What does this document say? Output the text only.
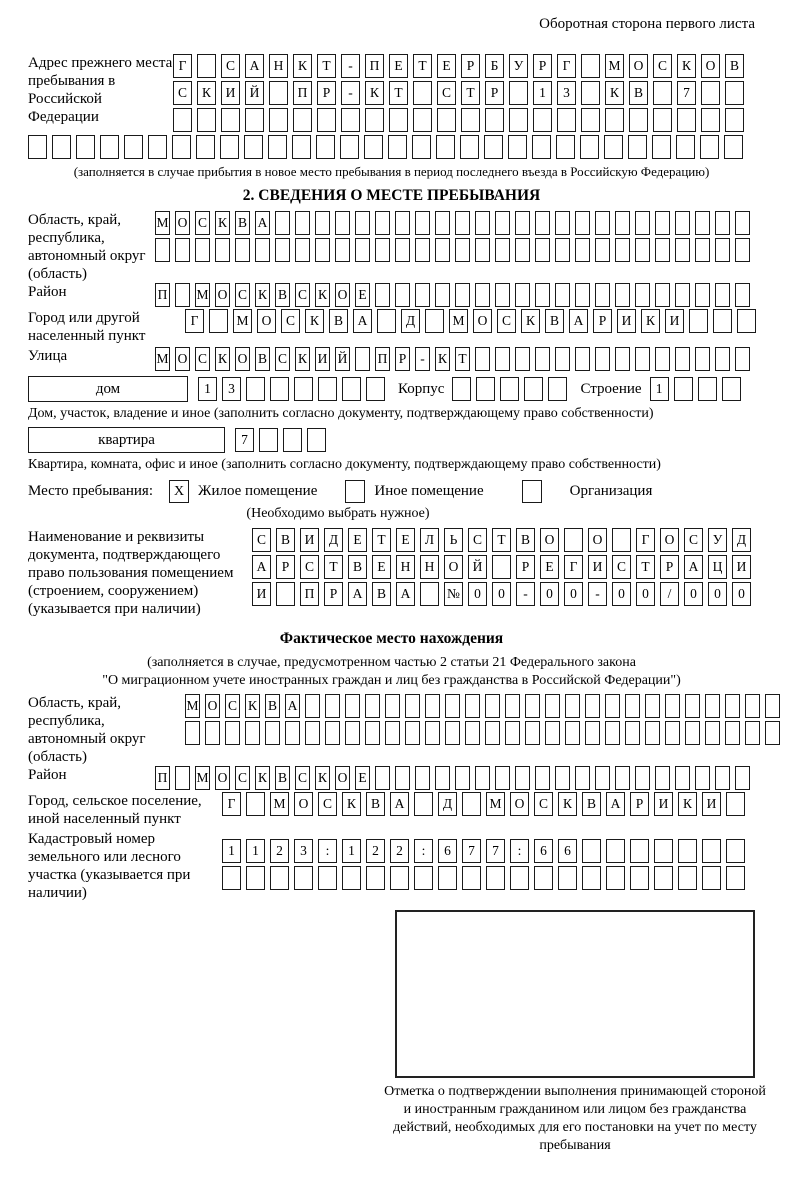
Оборотная сторона первого листа
Адрес прежнего места пребывания в Российской Федерации
Г	С	А	Н	К	Т	-	П	Е	Т	Е	Р	Б	У	Р	Г	М О	С	К	О	В
С	К	И	Й	П	Р	-	К	Т	С	Т	Р	1	3	К	В	7
(заполняется в случае прибытия в новое место пребывания в период последнего въезда в Российскую Федерацию)
2. СВЕДЕНИЯ О МЕСТЕ ПРЕБЫВАНИЯ
Область, край, республика, автономный округ (область)
М О С К В А
Район	П М О С К В С К О Е
Город или другой населенный пункт
Г	М О	С	К	В	А	Д	М О	С	К	В	А	Р	И	К	И
Улица	М О С К О В С К И Й П Р	- К Т
дом	1	3	Корпус	Строение	1
Дом, участок, владение и иное (заполнить согласно документу, подтверждающему право собственности)
квартира	7
Квартира, комната, офис и иное (заполнить согласно документу, подтверждающему право собственности)
Место пребывания:	X Жилое помещение	Иное помещение	Организация
(Необходимо выбрать нужное)
Наименование и реквизиты документа, подтверждающего право пользования помещением (строением, сооружением) (указывается при наличии)
С	В	И	Д	Е	Т	Е	Л	Ь	С	Т	В	О	О	Г	О	С	У	Д
А	Р	С	Т	В	Е	Н	Н	О	Й	Р	Е	Г	И	С	Т	Р	А	Ц	И
И	П	Р	А	В	А	№	0	0	-	0	0	-	0	0	/	0	0	0
Фактическое место нахождения
(заполняется в случае, предусмотренном частью 2 статьи 21 Федерального закона
"О миграционном учете иностранных граждан и лиц без гражданства в Российской Федерации")
Область, край, республика, автономный округ (область)
М О С К В А
Район	П М О С К В С К О Е
Город, сельское поселение, иной населенный пункт
Г	М О	С	К	В	А	Д	М О	С	К	В	А	Р	И	К	И
Кадастровый номер земельного или лесного участка (указывается при наличии)
1	1	2	3	:	1	2	2	:	6	7	7	:	6	6
Отметка о подтверждении выполнения принимающей стороной и иностранным гражданином или лицом без гражданства действий, необходимых для его постановки на учет по месту пребывания
